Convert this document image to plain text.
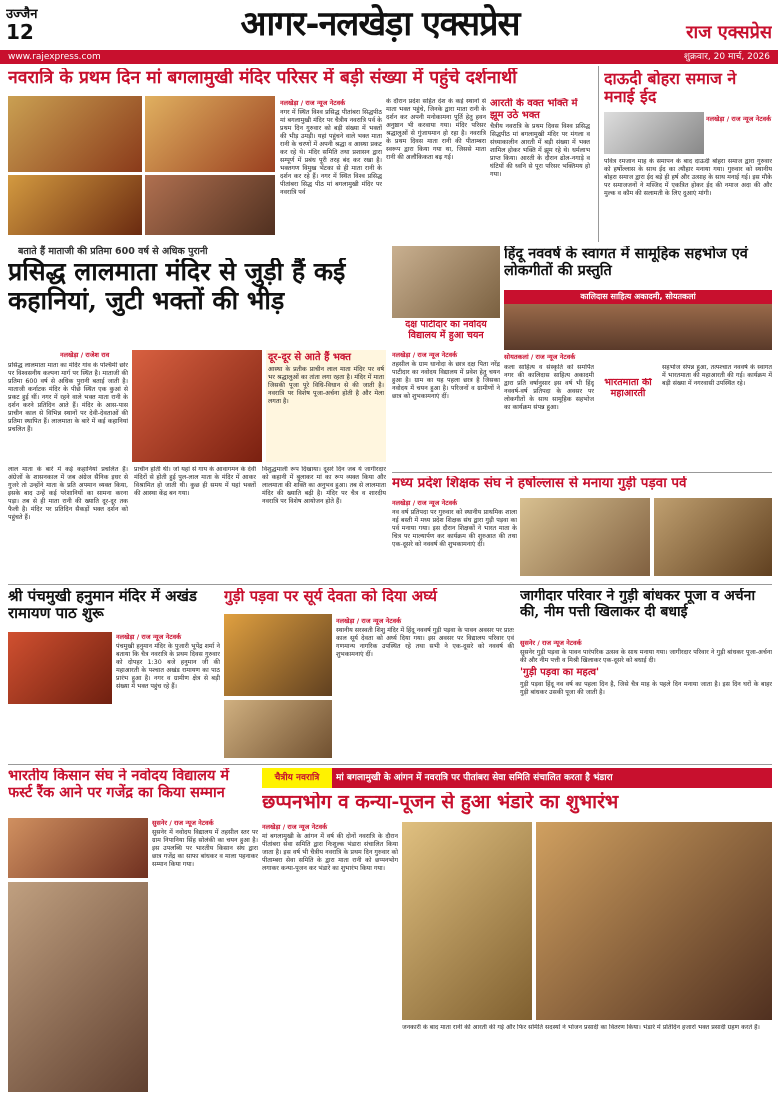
उज्जैन
12	आगर-नलखेड़ा एक्सप्रेस	राज एक्सप्रेस
www.rajexpress.com	शुक्रवार, 20 मार्च, 2026
नवरात्रि के प्रथम दिन मां बगलामुखी मंदिर परिसर में बड़ी संख्या में पहुंचे दर्शनार्थी
नलखेड़ा / राज न्यूज नेटवर्क
नगर में स्थित विश्व प्रसिद्ध पीतांबरा सिद्धपीठ मां बगलामुखी मंदिर पर चैत्रीय नवरात्रि पर्व के प्रथम दिन गुरुवार को बड़ी संख्या में भक्तों की भीड़ उमड़ी। यहां पहुंचने वाले भक्त माता रानी के चरणों में अपनी श्रद्धा व आस्था प्रकट कर रहे थे। मंदिर समिति तथा प्रशासन द्वारा सम्पूर्ण में प्रबंध पूरी तरह बंद कर रखा है। भक्तगण विमुख भेंटका से ही माता रानी के दर्शन कर रहे हैं। नगर में स्थित विश्व प्रसिद्ध पीतांबरा सिद्ध पीठ मां बगलामुखी मंदिर पर नवरात्रि पर्व
के दौरान प्रदेश सहित देश के कई स्थानों से माता भक्त पहुंचे, जिनके द्वारा माता रानी के दर्शन कर अपनी मनोकामना पूर्ति हेतु हवन अनुष्ठान भी करवाया गया। मंदिर परिसर श्रद्धालुओं से गुंजायमान हो रहा है। नवरात्रि के प्रथम दिवस माता रानी की पीताम्बरा स्वरूप द्वारा किया गया था, जिससे माता रानी की अलौकिकता बढ़ गई।
आरती के वक्त भक्ति में झूम उठे भक्त
चैत्रीय नवरात्रि के प्रथम दिवस विश्व प्रसिद्ध सिद्धपीठ मां बगलामुखी मंदिर पर मंगला व संध्याकालीन आरती में बड़ी संख्या में भक्त शामिल होकर भक्ति में झूम रहे थे। धर्मलाभ प्राप्त किया। आरती के दौरान ढोल-नगाड़े व घंटियों की ध्वनि से पूरा परिसर भक्तिमय हो गया।
दाऊदी बोहरा समाज ने मनाई ईद
नलखेड़ा / राज न्यूज नेटवर्क
पवित्र रमजान माह के समापन के बाद दाऊदी बोहरा समाज द्वारा गुरुवार को हर्षोल्लास के साथ ईद का त्यौहार मनाया गया। गुरुवार को स्थानीय बोहरा समाज द्वारा ईद बड़े ही हर्ष और उत्साह के साथ मनाई गई। इस मौके पर समाजजनों ने मस्जिद में एकत्रित होकर ईद की नमाज अदा की और मुल्क व कौम की सलामती के लिए दुआएं मांगी।
बताते हैं माताजी की प्रतिमा 600 वर्ष से अधिक पुरानी
प्रसिद्ध लालमाता मंदिर से जुड़ी हैं कई कहानियां, जुटी भक्तों की भीड़
नलखेड़ा / राजेश राव
प्रसिद्ध लालमाता माता का मंदिर गांव के पश्चिमी छोर पर विश्वसनीय कल्पना मार्ग पर स्थित है। माताजी की प्रतिमा 600 वर्ष से अधिक पुरानी बताई जाती है। माताजी कर्नाटक मंदिर के पीछे स्थित एक कुआं से प्रकट हुई थीं। नगर में रहने वाले भक्त माता रानी के दर्शन करने प्रतिदिन आते हैं। मंदिर के आस-पास प्राचीन काल से विभिन्न स्थानों पर देवी-देवताओं की प्रतिमा स्थापित हैं। लालमाता के बारे में कई कहानियां प्रचलित हैं।
दूर-दूर से आते हैं भक्त
आस्था के प्रतीक प्राचीन लाल माता मंदिर पर वर्ष भर श्रद्धालुओं का तांता लगा रहता है। मंदिर में माता जिसकी पूजा पूरे विधि-विधान से की जाती है। नवरात्रि पर विशेष पूजा-अर्चना होती है और मेला लगता है।
लाल माता के बारे में कई कहानियां प्रचलित हैं। अंग्रेजों के शासनकाल में जब अंग्रेज सैनिक इधर से गुजरे तो उन्होंने माता के प्रति अपमान व्यक्त किया, इसके बाद उन्हें कई परेशानियों का सामना करना पड़ा। तब से ही माता रानी की ख्याति दूर-दूर तक फैली है। मंदिर पर प्रतिदिन सैकड़ों भक्त दर्शन को पहुंचते हैं।
प्राचीन होती थी। जो यहां से गाय के आवागमन के देवी मंदिरों से होती हुई पुल-लाल माता के मंदिर में आकर विश्रामित हो जाती थी। कुछ ही समय में यहां भक्तों की आस्था केंद्र बन गया।
विशुद्धमाली रूप दिखाया। दूसरे दिन जब ये जागीरदार को कहानी में बुलाकर मां का रूप व्यक्त किया और लालमाता की शक्ति का अनुभव हुआ। तब से लालमाता मंदिर की ख्याति बढ़ी है। मंदिर पर चैत्र व शारदीय नवरात्रि पर विशेष आयोजन होते हैं।
दक्ष पाटीदार का नवोदय विद्यालय में हुआ चयन
नलखेड़ा / राज न्यूज नेटवर्क
तहसील के ग्राम धानोदा के छात्र दक्ष पिता नरेंद्र पाटीदार का नवोदय विद्यालय में प्रवेश हेतु चयन हुआ है। ग्राम का यह पहला छात्र है जिसका नवोदय में चयन हुआ है। परिजनों व ग्रामीणों ने छात्र को शुभकामनाएं दीं।
हिंदू नववर्ष के स्वागत में सामूहिक सहभोज एवं लोकगीतों की प्रस्तुति
कालिदास साहित्य अकादमी, सोयतकलां
सोयतकलां / राज न्यूज नेटवर्क
कला साहित्य व संस्कृति को समर्पित नगर की कालिदास साहित्य अकादमी द्वारा प्रति वर्षानुसार इस वर्ष भी हिंदू नववर्ष-वर्ष प्रतिपदा के अवसर पर लोकगीतों के साथ सामूहिक सहभोज का कार्यक्रम संपन्न हुआ।
भारतमाता की महाआरती
सहभोज संपन्न हुआ, तत्पश्चात नववर्ष के स्वागत में भारतमाता की महाआरती की गई। कार्यक्रम में बड़ी संख्या में नगरवासी उपस्थित रहे।
मध्य प्रदेश शिक्षक संघ ने हर्षोल्लास से मनाया गुड़ी पड़वा पर्व
नलखेड़ा / राज न्यूज नेटवर्क
नव वर्ष प्रतिपदा पर गुरुवार को स्थानीय प्राथमिक शाला नई बस्ती में मध्य प्रदेश शिक्षक संघ द्वारा गुड़ी पड़वा का पर्व मनाया गया। इस दौरान शिक्षकों ने भारत माता के चित्र पर माल्यार्पण कर कार्यक्रम की शुरुआत की तथा एक-दूसरे को नववर्ष की शुभकामनाएं दीं।
श्री पंचमुखी हनुमान मंदिर में अखंड रामायण पाठ शुरू
नलखेड़ा / राज न्यूज नेटवर्क
पंचमुखी हनुमान मंदिर के पुजारी भूपेंद्र शर्मा ने बताया कि चैत्र नवरात्रि के प्रथम दिवस गुरुवार को दोपहर 1:30 बजे हनुमान जी की महाआरती के पश्चात अखंड रामायण का पाठ प्रारंभ हुआ है। नगर व ग्रामीण क्षेत्र से बड़ी संख्या में भक्त पहुंच रहे हैं।
गुड़ी पड़वा पर सूर्य देवता को दिया अर्घ्य
नलखेड़ा / राज न्यूज नेटवर्क
स्थानीय सरस्वती शिशु मंदिर में हिंदू नववर्ष गुड़ी पड़वा के पावन अवसर पर प्रातः काल सूर्य देवता को अर्घ्य दिया गया। इस अवसर पर विद्यालय परिवार एवं गणमान्य नागरिक उपस्थित रहे तथा सभी ने एक-दूसरे को नववर्ष की शुभकामनाएं दीं।
जागीदार परिवार ने गुड़ी बांधकर पूजा व अर्चना की, नीम पत्ती खिलाकर दी बधाई
सुसनेर / राज न्यूज नेटवर्क
सुसनेर गुड़ी पड़वा के पावन पारंपरिक उत्सव के साथ मनाया गया। जागीरदार परिवार ने गुड़ी बांधकर पूजा-अर्चना की और नीम पत्ती व मिश्री खिलाकर एक-दूसरे को बधाई दी।
'गुड़ी पड़वा का महत्व'
गुड़ी पड़वा हिंदू नव वर्ष का पहला दिन है, जिसे चैत्र माह के पहले दिन मनाया जाता है। इस दिन घरों के बाहर गुड़ी बांधकर उसकी पूजा की जाती है।
भारतीय किसान संघ ने नवोदय विद्यालय में फर्स्ट रैंक आने पर गजेंद्र का किया सम्मान
सुसनेर / राज न्यूज नेटवर्क
सुसनेर में नवोदय विद्यालय में तहसील स्तर पर ग्राम निपानिया सिंह सोलंकी का चयन हुआ है। इस उपलब्धि पर भारतीय किसान संघ द्वारा छात्र गजेंद्र का साफा बांधकर व माला पहनाकर सम्मान किया गया।
चैत्रीय नवरात्रि	मां बगलामुखी के आंगन में नवरात्रि पर पीतांबरा सेवा समिति संचालित करता है भंडारा
छप्पनभोग व कन्या-पूजन से हुआ भंडारे का शुभारंभ
नलखेड़ा / राज न्यूज नेटवर्क
मां बगलामुखी के आंगन में वर्ष की दोनों नवरात्रि के दौरान पीतांबरा सेवा समिति द्वारा निःशुल्क भंडारा संचालित किया जाता है। इस वर्ष भी चैत्रीय नवरात्रि के प्रथम दिन गुरुवार को पीताम्बरा सेवा समिति के द्वारा माता रानी को छप्पनभोग लगाकर कन्या-पूजन कर भंडारे का शुभारंभ किया गया।
जनकारी के बाद माता रानी की आरती की गई और फिर समिति सदस्यों ने भोजन प्रसादी का वितरण किया। भंडारे में प्रतिदिन हजारों भक्त प्रसादी ग्रहण करते हैं।
